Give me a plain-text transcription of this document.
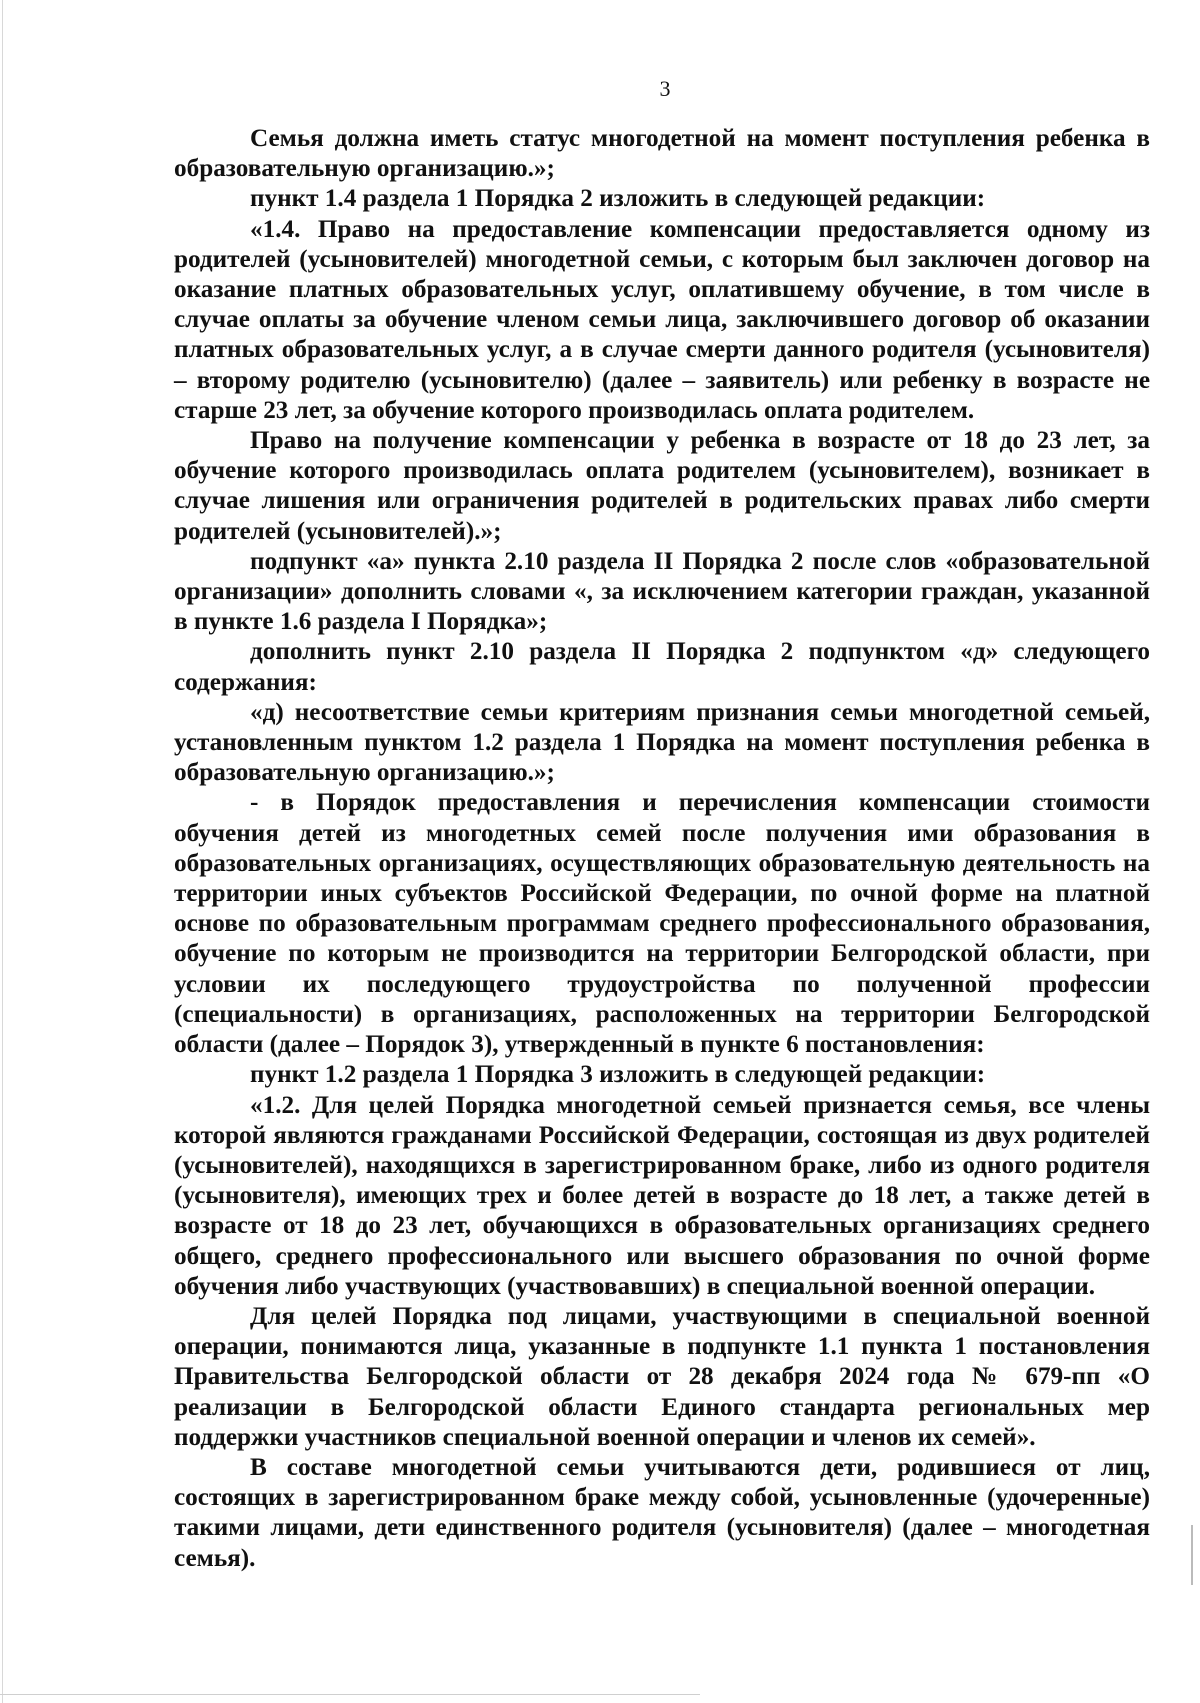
3

Семья должна иметь статус многодетной на момент поступления ребенка в образовательную организацию.»;

пункт 1.4 раздела 1 Порядка 2 изложить в следующей редакции:

«1.4. Право на предоставление компенсации предоставляется одному из родителей (усыновителей) многодетной семьи, с которым был заключен договор на оказание платных образовательных услуг, оплатившему обучение, в том числе в случае оплаты за обучение членом семьи лица, заключившего договор об оказании платных образовательных услуг, а в случае смерти данного родителя (усыновителя) – второму родителю (усыновителю) (далее – заявитель) или ребенку в возрасте не старше 23 лет, за обучение которого производилась оплата родителем.

Право на получение компенсации у ребенка в возрасте от 18 до 23 лет, за обучение которого производилась оплата родителем (усыновителем), возникает в случае лишения или ограничения родителей в родительских правах либо смерти родителей (усыновителей).»;

подпункт «а» пункта 2.10 раздела II Порядка 2 после слов «образовательной организации» дополнить словами «, за исключением категории граждан, указанной в пункте 1.6 раздела I Порядка»;

дополнить пункт 2.10 раздела II Порядка 2 подпунктом «д» следующего содержания:

«д) несоответствие семьи критериям признания семьи многодетной семьей, установленным пунктом 1.2 раздела 1 Порядка на момент поступления ребенка в образовательную организацию.»;

- в Порядок предоставления и перечисления компенсации стоимости обучения детей из многодетных семей после получения ими образования в образовательных организациях, осуществляющих образовательную деятельность на территории иных субъектов Российской Федерации, по очной форме на платной основе по образовательным программам среднего профессионального образования, обучение по которым не производится на территории Белгородской области, при условии их последующего трудоустройства по полученной профессии (специальности) в организациях, расположенных на территории Белгородской области (далее – Порядок 3), утвержденный в пункте 6 постановления:

пункт 1.2 раздела 1 Порядка 3 изложить в следующей редакции:

«1.2. Для целей Порядка многодетной семьей признается семья, все члены которой являются гражданами Российской Федерации, состоящая из двух родителей (усыновителей), находящихся в зарегистрированном браке, либо из одного родителя (усыновителя), имеющих трех и более детей в возрасте до 18 лет, а также детей в возрасте от 18 до 23 лет, обучающихся в образовательных организациях среднего общего, среднего профессионального или высшего образования по очной форме обучения либо участвующих (участвовавших) в специальной военной операции.

Для целей Порядка под лицами, участвующими в специальной военной операции, понимаются лица, указанные в подпункте 1.1 пункта 1 постановления Правительства Белгородской области от 28 декабря 2024 года № 679-пп «О реализации в Белгородской области Единого стандарта региональных мер поддержки участников специальной военной операции и членов их семей».

В составе многодетной семьи учитываются дети, родившиеся от лиц, состоящих в зарегистрированном браке между собой, усыновленные (удочеренные) такими лицами, дети единственного родителя (усыновителя) (далее – многодетная семья).
